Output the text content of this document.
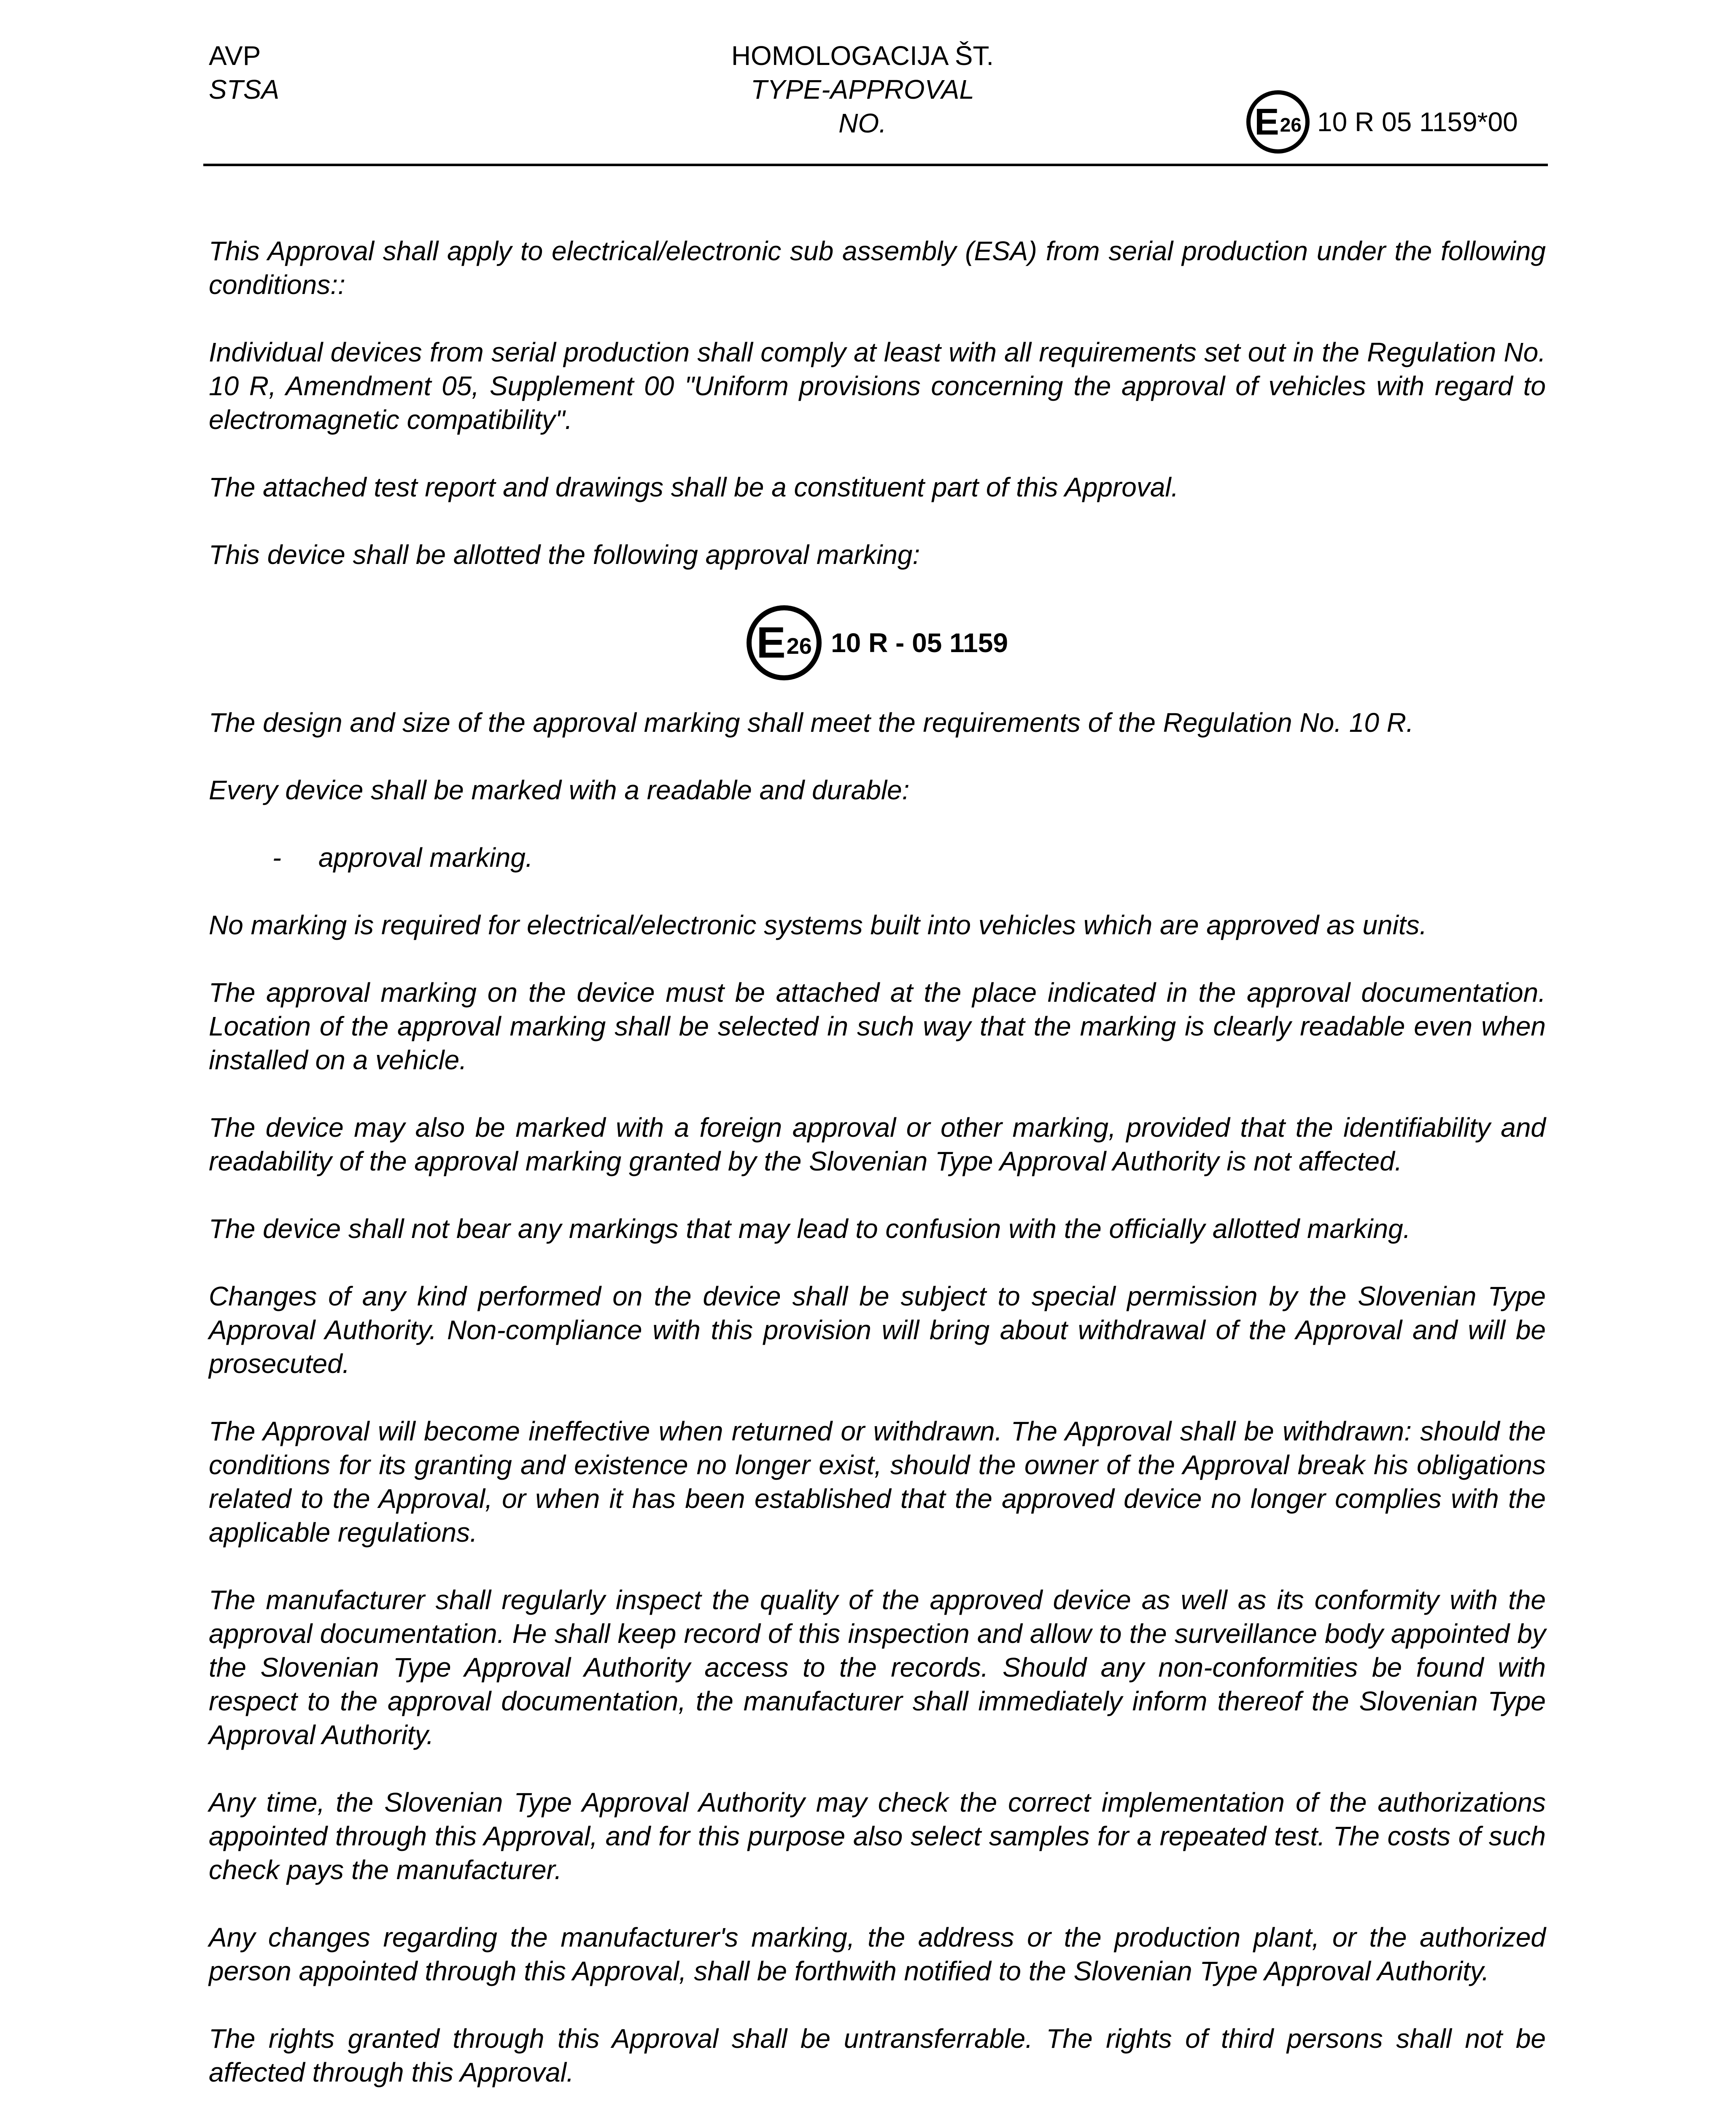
AVP
STSA
HOMOLOGACIJA ŠT.
TYPE-APPROVAL NO.	E 26 10 R 05 1159*00

This Approval shall apply to electrical/electronic sub assembly (ESA) from serial production under the following conditions::

Individual devices from serial production shall comply at least with all requirements set out in the Regulation No. 10 R, Amendment 05, Supplement 00 "Uniform provisions concerning the approval of vehicles with regard to electromagnetic compatibility".

The attached test report and drawings shall be a constituent part of this Approval.

This device shall be allotted the following approval marking:

E 26 10 R - 05 1159

The design and size of the approval marking shall meet the requirements of the Regulation No. 10 R.

Every device shall be marked with a readable and durable:

-	approval marking.

No marking is required for electrical/electronic systems built into vehicles which are approved as units.

The approval marking on the device must be attached at the place indicated in the approval documentation. Location of the approval marking shall be selected in such way that the marking is clearly readable even when installed on a vehicle.

The device may also be marked with a foreign approval or other marking, provided that the identifiability and readability of the approval marking granted by the Slovenian Type Approval Authority is not affected.

The device shall not bear any markings that may lead to confusion with the officially allotted marking.

Changes of any kind performed on the device shall be subject to special permission by the Slovenian Type Approval Authority. Non-compliance with this provision will bring about withdrawal of the Approval and will be prosecuted.

The Approval will become ineffective when returned or withdrawn. The Approval shall be withdrawn: should the conditions for its granting and existence no longer exist, should the owner of the Approval break his obligations related to the Approval, or when it has been established that the approved device no longer complies with the applicable regulations.

The manufacturer shall regularly inspect the quality of the approved device as well as its conformity with the approval documentation. He shall keep record of this inspection and allow to the surveillance body appointed by the Slovenian Type Approval Authority access to the records. Should any non-conformities be found with respect to the approval documentation, the manufacturer shall immediately inform thereof the Slovenian Type Approval Authority.

Any time, the Slovenian Type Approval Authority may check the correct implementation of the authorizations appointed through this Approval, and for this purpose also select samples for a repeated test. The costs of such check pays the manufacturer.

Any changes regarding the manufacturer's marking, the address or the production plant, or the authorized person appointed through this Approval, shall be forthwith notified to the Slovenian Type Approval Authority.

The rights granted through this Approval shall be untransferrable. The rights of third persons shall not be affected through this Approval.
